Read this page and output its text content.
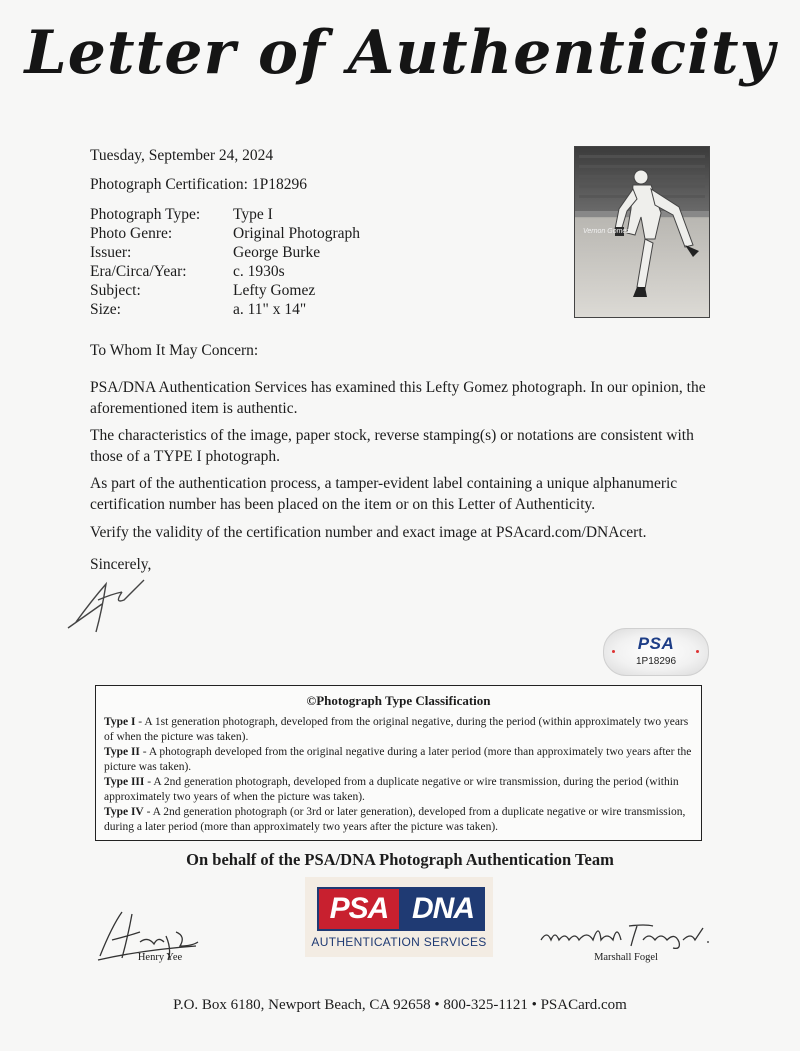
Letter of Authenticity
Tuesday, September 24, 2024
Photograph Certification: 1P18296
Photograph Type: Type I
Photo Genre:	Original Photograph
Issuer:	George Burke
Era/Circa/Year:	c. 1930s
Subject:	Lefty Gomez
Size:	a. 11" x 14"
Vernon Gomez
To Whom It May Concern:
PSA/DNA Authentication Services has examined this Lefty Gomez photograph. In our opinion, the aforementioned item is authentic.
The characteristics of the image, paper stock, reverse stamping(s) or notations are consistent with those of a TYPE I photograph.
As part of the authentication process, a tamper-evident label containing a unique alphanumeric certification number has been placed on the item or on this Letter of Authenticity.
Verify the validity of the certification number and exact image at PSAcard.com/DNAcert.
Sincerely,
PSA
1P18296
©Photograph Type Classification
Type I - A 1st generation photograph, developed from the original negative, during the period (within approximately two years of when the picture was taken).
Type II - A photograph developed from the original negative during a later period (more than approximately two years after the picture was taken).
Type III - A 2nd generation photograph, developed from a duplicate negative or wire transmission, during the period (within approximately two years of when the picture was taken).
Type IV - A 2nd generation photograph (or 3rd or later generation), developed from a duplicate negative or wire transmission, during a later period (more than approximately two years after the picture was taken).
On behalf of the PSA/DNA Photograph Authentication Team
Henry Yee
PSA DNA
AUTHENTICATION SERVICES
Marshall Fogel
P.O. Box 6180, Newport Beach, CA 92658 • 800-325-1121 • PSACard.com
